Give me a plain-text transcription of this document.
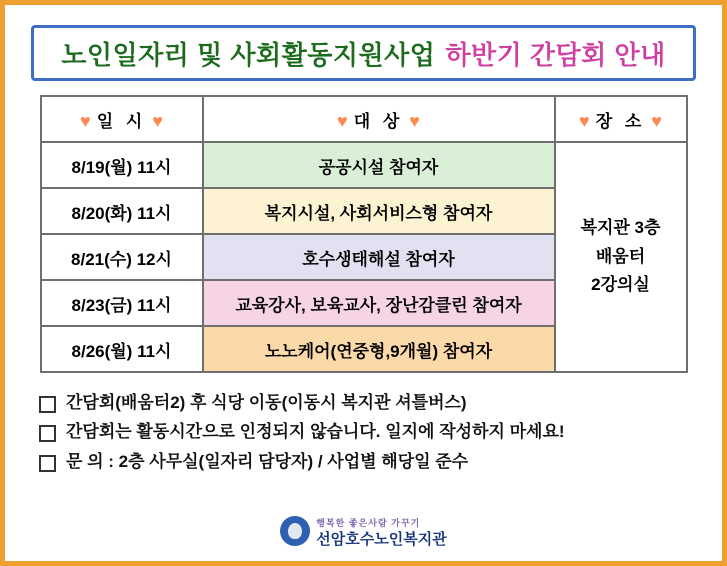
노인일자리 및 사회활동지원사업 하반기 간담회 안내
♥ 일 시 ♥	♥ 대 상 ♥	♥ 장 소 ♥
8/19(월) 11시	공공시설 참여자	복지관 3층
배움터
2강의실

8/20(화) 11시	복지시설, 사회서비스형 참여자	
8/21(수) 12시	호수생태해설 참여자	
8/23(금) 11시	교육강사, 보육교사, 장난감클린 참여자	
8/26(월) 11시	노노케어(연중형,9개월) 참여자	
간담회(배움터2) 후 식당 이동(이동시 복지관 셔틀버스)
간담회는 활동시간으로 인정되지 않습니다. 일지에 작성하지 마세요!
문 의 : 2층 사무실(일자리 담당자) / 사업별 해당일 준수
행복한 좋은사람 가꾸기
선암호수노인복지관
